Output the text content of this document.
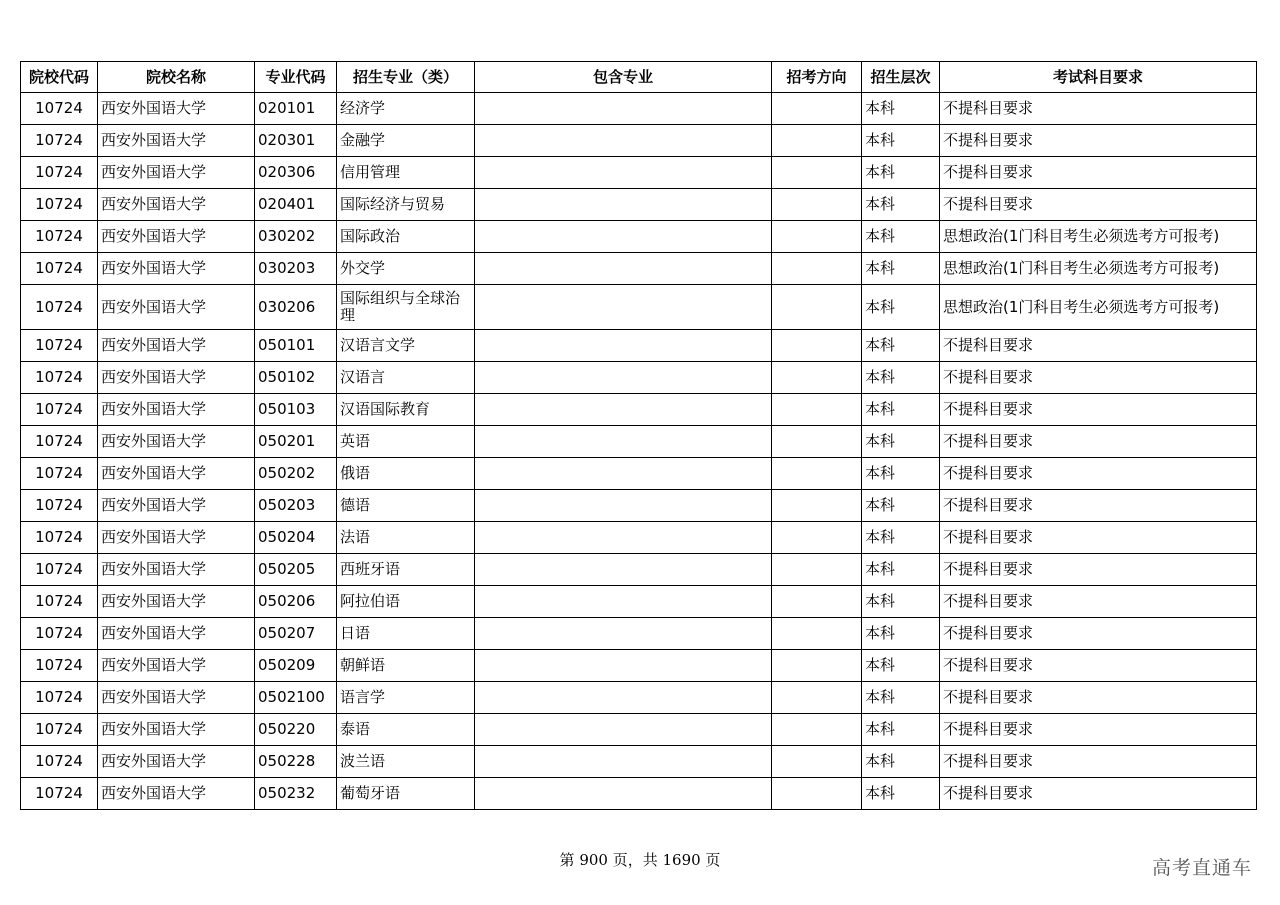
院校代码	院校名称	专业代码	招生专业（类）	包含专业	招考方向	招生层次	考试科目要求
10724	西安外国语大学	020101	经济学			本科	不提科目要求
10724	西安外国语大学	020301	金融学			本科	不提科目要求
10724	西安外国语大学	020306	信用管理			本科	不提科目要求
10724	西安外国语大学	020401	国际经济与贸易			本科	不提科目要求
10724	西安外国语大学	030202	国际政治			本科	思想政治(1门科目考生必须选考方可报考)
10724	西安外国语大学	030203	外交学			本科	思想政治(1门科目考生必须选考方可报考)
10724	西安外国语大学	030206	国际组织与全球治理			本科	思想政治(1门科目考生必须选考方可报考)
10724	西安外国语大学	050101	汉语言文学			本科	不提科目要求
10724	西安外国语大学	050102	汉语言			本科	不提科目要求
10724	西安外国语大学	050103	汉语国际教育			本科	不提科目要求
10724	西安外国语大学	050201	英语			本科	不提科目要求
10724	西安外国语大学	050202	俄语			本科	不提科目要求
10724	西安外国语大学	050203	德语			本科	不提科目要求
10724	西安外国语大学	050204	法语			本科	不提科目要求
10724	西安外国语大学	050205	西班牙语			本科	不提科目要求
10724	西安外国语大学	050206	阿拉伯语			本科	不提科目要求
10724	西安外国语大学	050207	日语			本科	不提科目要求
10724	西安外国语大学	050209	朝鲜语			本科	不提科目要求
10724	西安外国语大学	0502100	语言学			本科	不提科目要求
10724	西安外国语大学	050220	泰语			本科	不提科目要求
10724	西安外国语大学	050228	波兰语			本科	不提科目要求
10724	西安外国语大学	050232	葡萄牙语			本科	不提科目要求
第 900 页，共 1690 页	高考直通车
